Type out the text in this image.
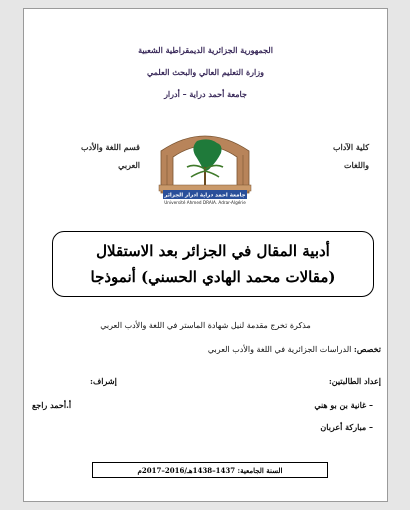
الجمهورية الجزائرية الديمقراطية الشعبية
وزارة التعليم العالي والبحث العلمي
جامعة أحمد دراية – أدرار
قسم اللغة والأدب
العربي
كلية الآداب
واللغات
جامعة احمد دراية ادرار الجزائر
Université Ahmed DRAIA. Adrar-Algérie
أدبية المقال في الجزائر بعد الاستقلال
(مقالات محمد الهادي الحسني) أنموذجا
مذكرة تخرج مقدمة لنيل شهادة الماستر في اللغة والأدب العربي
تخصص: الدراسات الجزائرية في اللغة والأدب العربي
إعداد الطالبتين:
إشراف:
– غانية بن بو هني
– مباركة أعربان
أ.أحمد راجع
السنة الجامعية: 1437–1438هـ/2016–2017م
